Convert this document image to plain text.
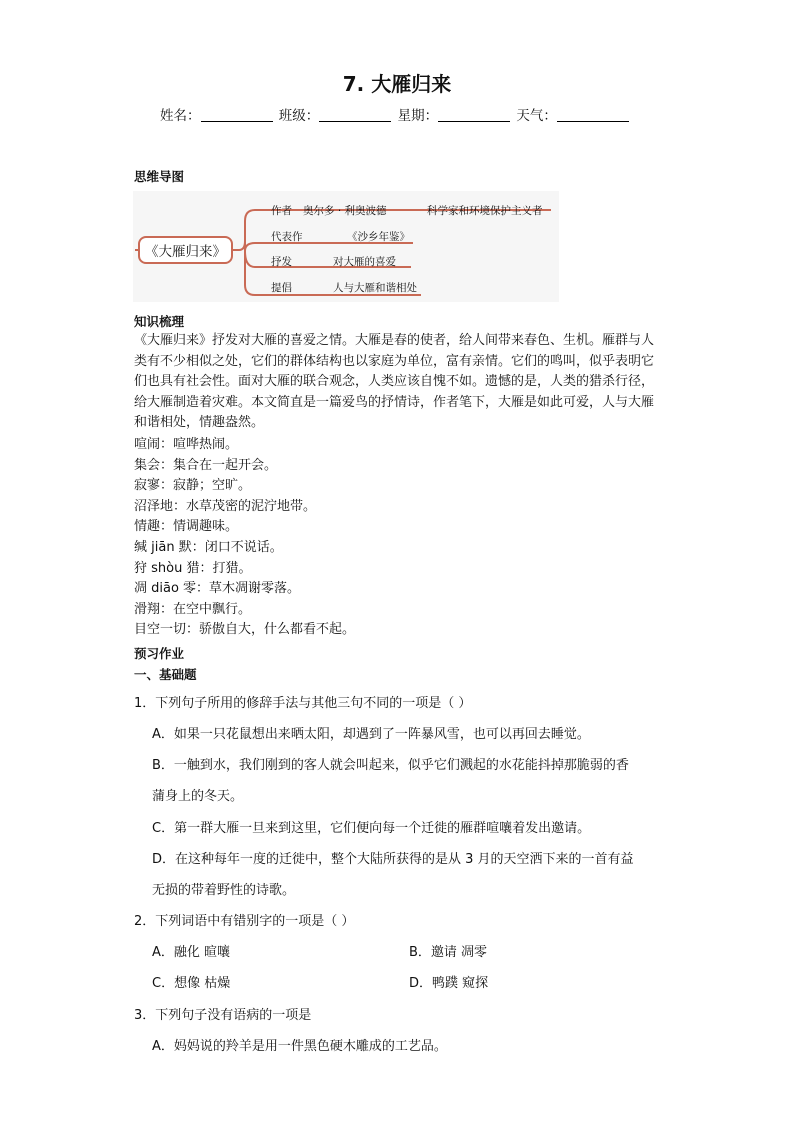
7. 大雁归来
姓名：	班级：	星期：	天气：
思维导图
《大雁归来》
作者 奥尔多 · 利奥波德	科学家和环境保护主义者
代表作	《沙乡年鉴》
抒发	对大雁的喜爱
提倡	人与大雁和谐相处
知识梳理

《大雁归来》抒发对大雁的喜爱之情。大雁是春的使者，给人间带来春色、生机。雁群与人类有不少相似之处，它们的群体结构也以家庭为单位，富有亲情。它们的鸣叫，似乎表明它们也具有社会性。面对大雁的联合观念，人类应该自愧不如。遗憾的是，人类的猎杀行径，给大雁制造着灾难。本文简直是一篇爱鸟的抒情诗，作者笔下，大雁是如此可爱，人与大雁和谐相处，情趣盎然。

喧闹：喧哗热闹。
集会：集合在一起开会。
寂寥：寂静；空旷。
沼泽地：水草茂密的泥泞地带。
情趣：情调趣味。
缄 jiān 默：闭口不说话。
狩 shòu 猎：打猎。
凋 diāo 零：草木凋谢零落。
滑翔：在空中飘行。
目空一切：骄傲自大，什么都看不起。
预习作业
一、基础题
1．下列句子所用的修辞手法与其他三句不同的一项是（ ）
A．如果一只花鼠想出来晒太阳，却遇到了一阵暴风雪，也可以再回去睡觉。
B．一触到水，我们刚到的客人就会叫起来，似乎它们溅起的水花能抖掉那脆弱的香
蒲身上的冬天。
C．第一群大雁一旦来到这里，它们便向每一个迁徙的雁群喧嚷着发出邀请。
D．在这种每年一度的迁徙中，整个大陆所获得的是从 3 月的天空洒下来的一首有益
无损的带着野性的诗歌。
2．下列词语中有错别字的一项是（ ）
A．融化 暄嚷	B．邀请 凋零
C．想像 枯燥	D．鸭蹼 窥探
3．下列句子没有语病的一项是
A．妈妈说的羚羊是用一件黑色硬木雕成的工艺品。
